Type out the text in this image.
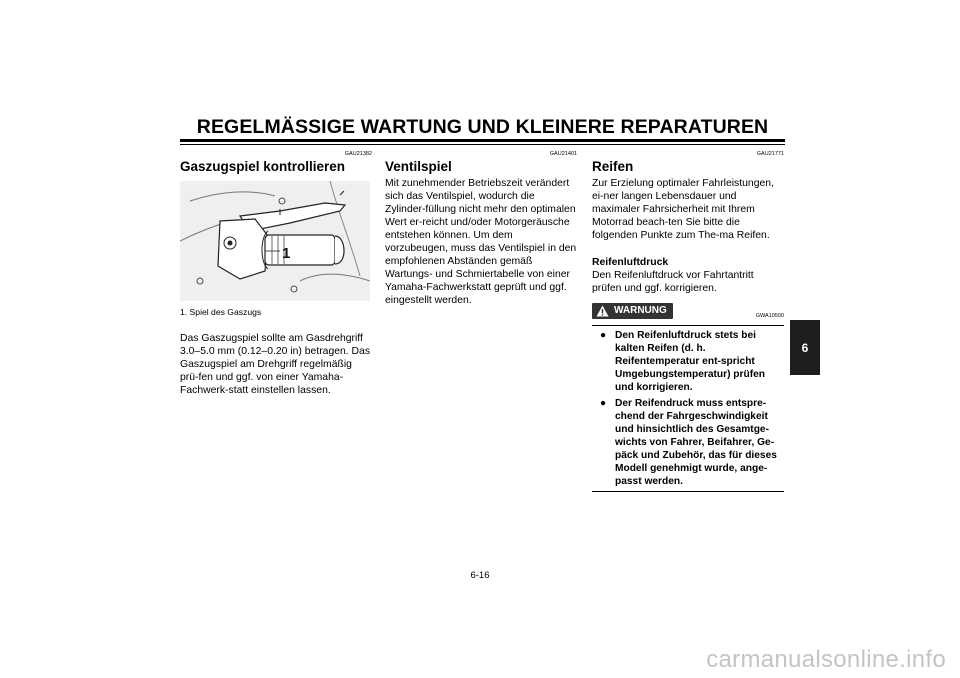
REGELMÄSSIGE WARTUNG UND KLEINERE REPARATUREN
GAU21382
Gaszugspiel kontrollieren
1
1. Spiel des Gaszugs
Das Gaszugspiel sollte am Gasdrehgriff 3.0–5.0 mm (0.12–0.20 in) betragen. Das Gaszugspiel am Drehgriff regelmäßig prü-fen und ggf. von einer Yamaha-Fachwerk-statt einstellen lassen.
GAU21401
Ventilspiel
Mit zunehmender Betriebszeit verändert sich das Ventilspiel, wodurch die Zylinder-füllung nicht mehr den optimalen Wert er-reicht und/oder Motorgeräusche entstehen können. Um dem vorzubeugen, muss das Ventilspiel in den empfohlenen Abständen gemäß Wartungs- und Schmiertabelle von einer Yamaha-Fachwerkstatt geprüft und ggf. eingestellt werden.
GAU21771
Reifen
Zur Erzielung optimaler Fahrleistungen, ei-ner langen Lebensdauer und maximaler Fahrsicherheit mit Ihrem Motorrad beach-ten Sie bitte die folgenden Punkte zum The-ma Reifen.
Reifenluftdruck
Den Reifenluftdruck vor Fahrtantritt prüfen und ggf. korrigieren.
WARNUNG	GWA10500
● Den Reifenluftdruck stets bei kalten Reifen (d. h. Reifentemperatur ent-spricht Umgebungstemperatur) prüfen und korrigieren.
● Der Reifendruck muss entspre-chend der Fahrgeschwindigkeit und hinsichtlich des Gesamtge-wichts von Fahrer, Beifahrer, Ge-päck und Zubehör, das für dieses Modell genehmigt wurde, ange-passt werden.
6
6-16
carmanualsonline.info
